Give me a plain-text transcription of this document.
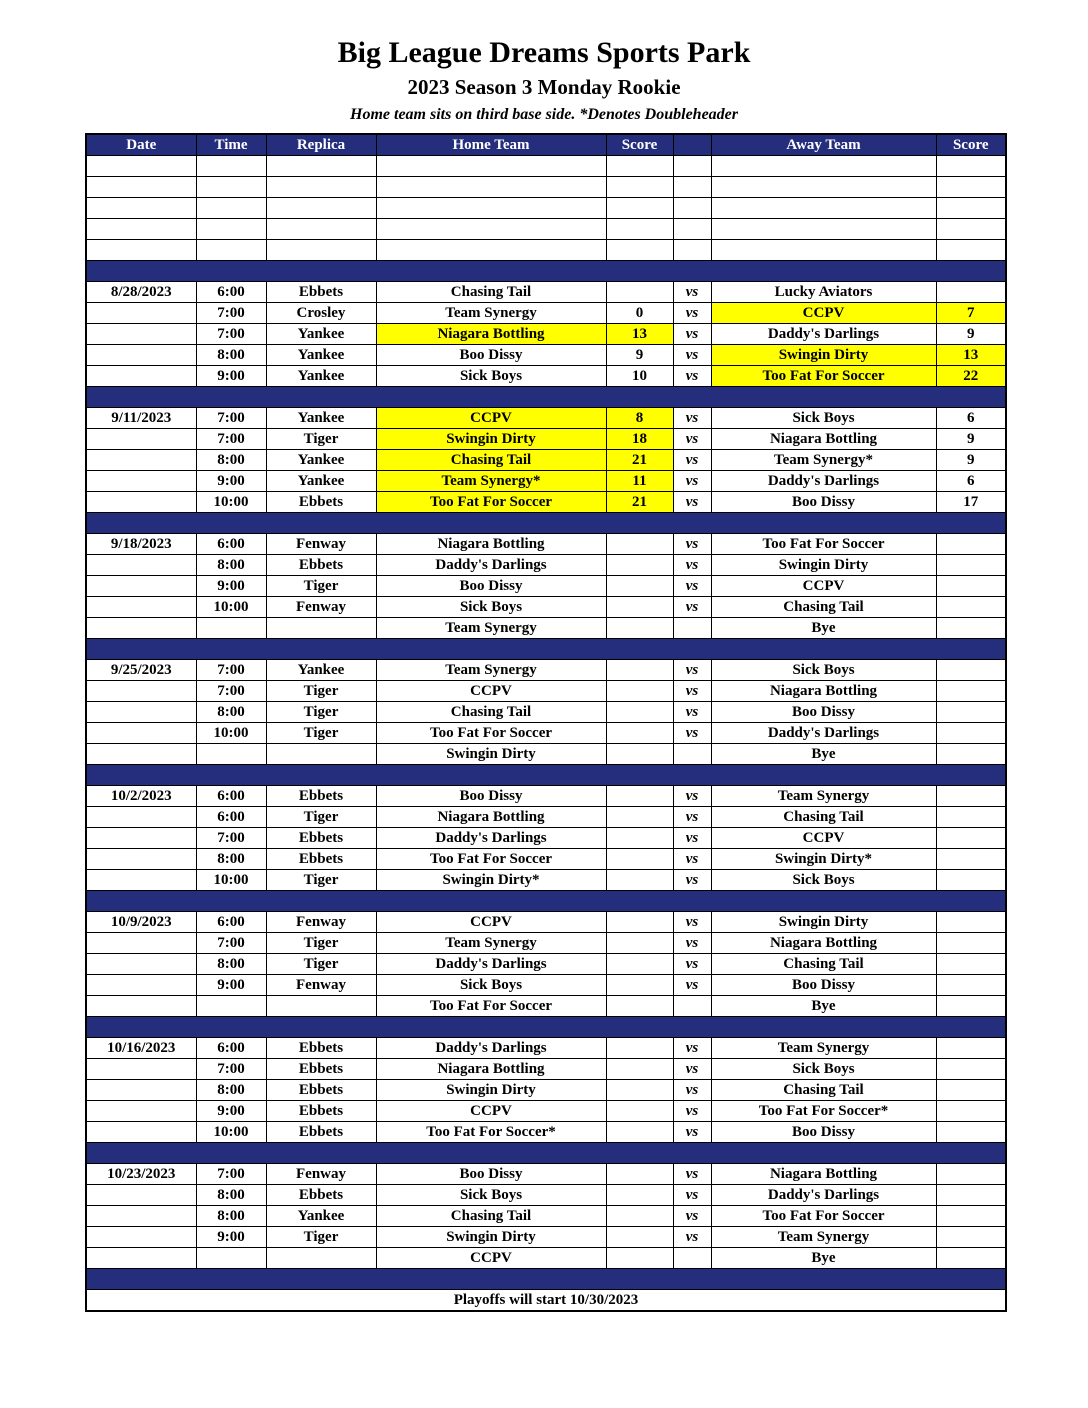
Big League Dreams Sports Park
2023 Season 3 Monday Rookie
Home team sits on third base side. *Denotes Doubleheader
Date	Time	Replica	Home Team	Score		Away Team	Score

8/28/2023	6:00	Ebbets	Chasing Tail		vs	Lucky Aviators	
	7:00	Crosley	Team Synergy	0	vs	CCPV	7
	7:00	Yankee	Niagara Bottling	13	vs	Daddy's Darlings	9
	8:00	Yankee	Boo Dissy	9	vs	Swingin Dirty	13
	9:00	Yankee	Sick Boys	10	vs	Too Fat For Soccer	22

9/11/2023	7:00	Yankee	CCPV	8	vs	Sick Boys	6
	7:00	Tiger	Swingin Dirty	18	vs	Niagara Bottling	9
	8:00	Yankee	Chasing Tail	21	vs	Team Synergy*	9
	9:00	Yankee	Team Synergy*	11	vs	Daddy's Darlings	6
	10:00	Ebbets	Too Fat For Soccer	21	vs	Boo Dissy	17

9/18/2023	6:00	Fenway	Niagara Bottling		vs	Too Fat For Soccer	
	8:00	Ebbets	Daddy's Darlings		vs	Swingin Dirty	
	9:00	Tiger	Boo Dissy		vs	CCPV	
	10:00	Fenway	Sick Boys		vs	Chasing Tail	
			Team Synergy			Bye	

9/25/2023	7:00	Yankee	Team Synergy		vs	Sick Boys	
	7:00	Tiger	CCPV		vs	Niagara Bottling	
	8:00	Tiger	Chasing Tail		vs	Boo Dissy	
	10:00	Tiger	Too Fat For Soccer		vs	Daddy's Darlings	
			Swingin Dirty			Bye	

10/2/2023	6:00	Ebbets	Boo Dissy		vs	Team Synergy	
	6:00	Tiger	Niagara Bottling		vs	Chasing Tail	
	7:00	Ebbets	Daddy's Darlings		vs	CCPV	
	8:00	Ebbets	Too Fat For Soccer		vs	Swingin Dirty*	
	10:00	Tiger	Swingin Dirty*		vs	Sick Boys	

10/9/2023	6:00	Fenway	CCPV		vs	Swingin Dirty	
	7:00	Tiger	Team Synergy		vs	Niagara Bottling	
	8:00	Tiger	Daddy's Darlings		vs	Chasing Tail	
	9:00	Fenway	Sick Boys		vs	Boo Dissy	
			Too Fat For Soccer			Bye	

10/16/2023	6:00	Ebbets	Daddy's Darlings		vs	Team Synergy	
	7:00	Ebbets	Niagara Bottling		vs	Sick Boys	
	8:00	Ebbets	Swingin Dirty		vs	Chasing Tail	
	9:00	Ebbets	CCPV		vs	Too Fat For Soccer*	
	10:00	Ebbets	Too Fat For Soccer*		vs	Boo Dissy	

10/23/2023	7:00	Fenway	Boo Dissy		vs	Niagara Bottling	
	8:00	Ebbets	Sick Boys		vs	Daddy's Darlings	
	8:00	Yankee	Chasing Tail		vs	Too Fat For Soccer	
	9:00	Tiger	Swingin Dirty		vs	Team Synergy	
			CCPV			Bye	

Playoffs will start 10/30/2023							
